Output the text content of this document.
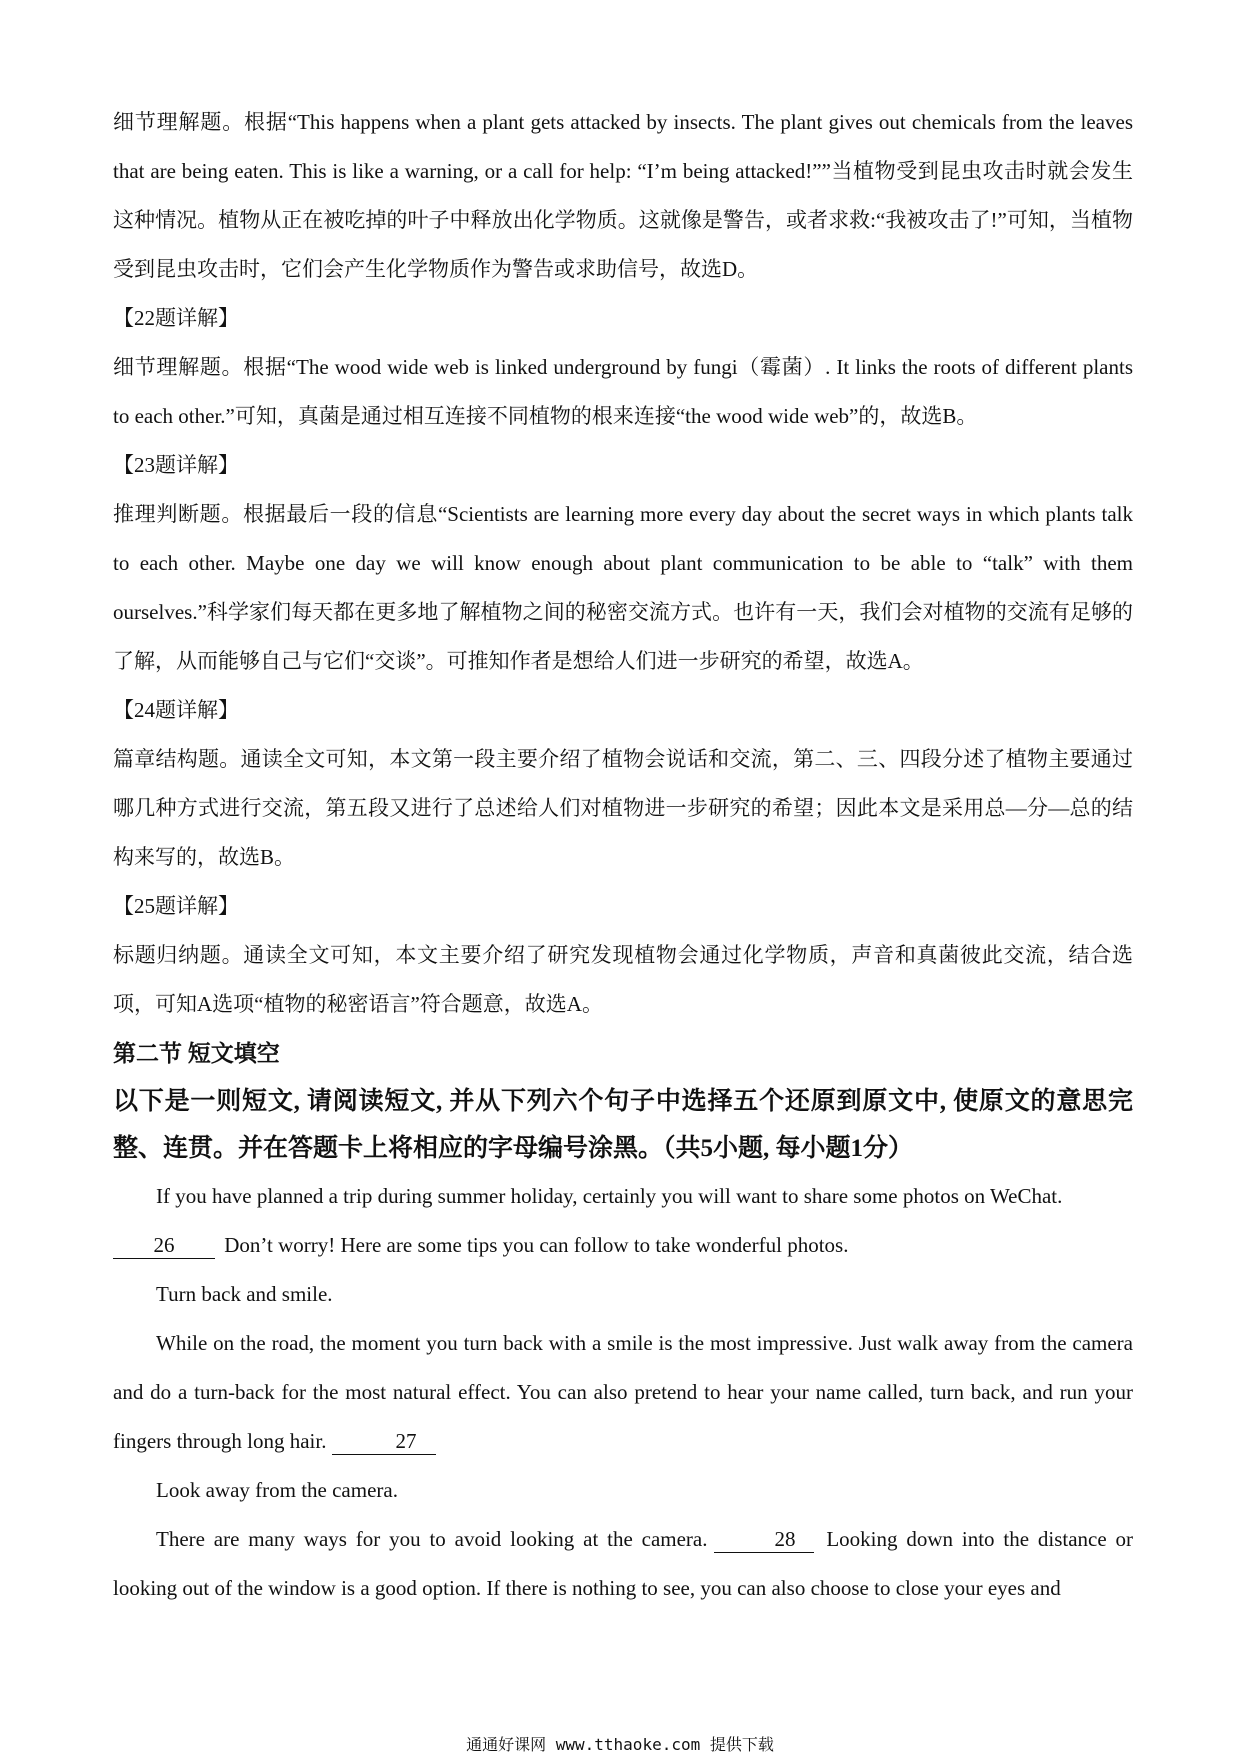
细节理解题。根据“This happens when a plant gets attacked by insects. The plant gives out chemicals from the leaves that are being eaten. This is like a warning, or a call for help: “I’m being attacked!””当植物受到昆虫攻击时就会发生这种情况。植物从正在被吃掉的叶子中释放出化学物质。这就像是警告，或者求救:“我被攻击了!”可知，当植物受到昆虫攻击时，它们会产生化学物质作为警告或求助信号，故选D。

【22题详解】

细节理解题。根据“The wood wide web is linked underground by fungi（霉菌）. It links the roots of different plants to each other.”可知，真菌是通过相互连接不同植物的根来连接“the wood wide web”的，故选B。

【23题详解】

推理判断题。根据最后一段的信息“Scientists are learning more every day about the secret ways in which plants talk to each other. Maybe one day we will know enough about plant communication to be able to “talk” with them ourselves.”科学家们每天都在更多地了解植物之间的秘密交流方式。也许有一天，我们会对植物的交流有足够的了解，从而能够自己与它们“交谈”。可推知作者是想给人们进一步研究的希望，故选A。

【24题详解】

篇章结构题。通读全文可知，本文第一段主要介绍了植物会说话和交流，第二、三、四段分述了植物主要通过哪几种方式进行交流，第五段又进行了总述给人们对植物进一步研究的希望；因此本文是采用总—分—总的结构来写的，故选B。

【25题详解】

标题归纳题。通读全文可知，本文主要介绍了研究发现植物会通过化学物质，声音和真菌彼此交流，结合选项，可知A选项“植物的秘密语言”符合题意，故选A。

第二节 短文填空

以下是一则短文, 请阅读短文, 并从下列六个句子中选择五个还原到原文中, 使原文的意思完整、连贯。并在答题卡上将相应的字母编号涂黑。（共5小题, 每小题1分）

If you have planned a trip during summer holiday, certainly you will want to share some photos on WeChat.

26 Don’t worry! Here are some tips you can follow to take wonderful photos.

Turn back and smile.

While on the road, the moment you turn back with a smile is the most impressive. Just walk away from the camera and do a turn-back for the most natural effect. You can also pretend to hear your name called, turn back, and run your fingers through long hair.	27

Look away from the camera.

There are many ways for you to avoid looking at the camera.	28 Looking down into the distance or looking out of the window is a good option. If there is nothing to see, you can also choose to close your eyes and

通通好课网 www.tthaoke.com 提供下载
